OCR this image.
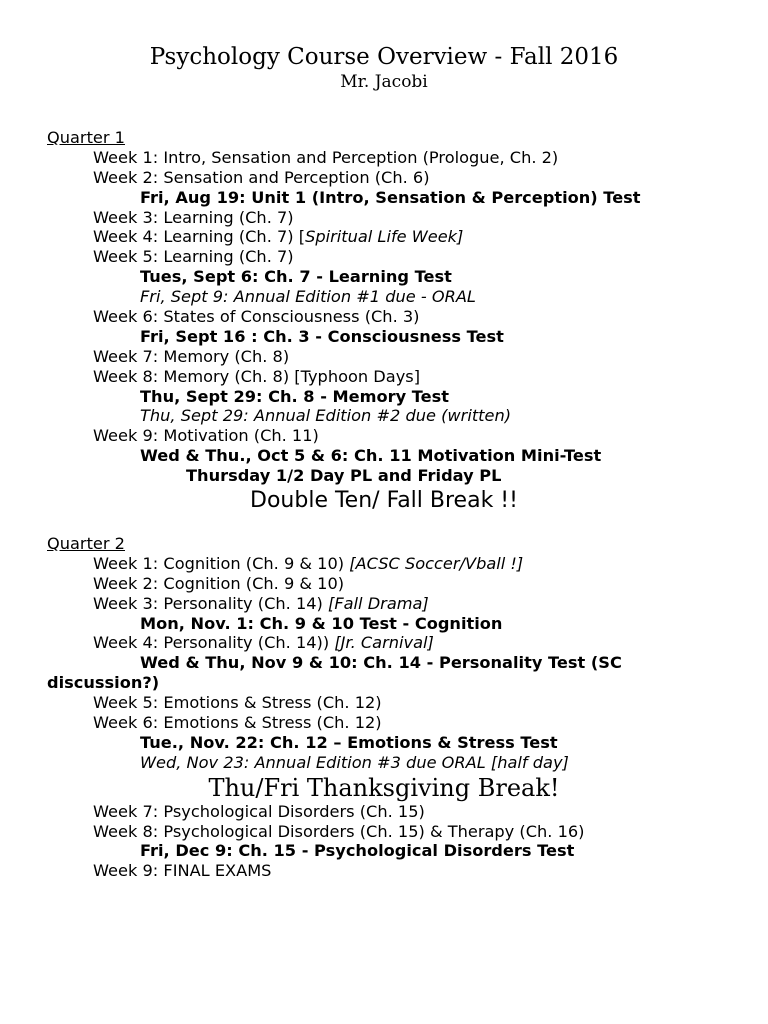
Psychology Course Overview - Fall 2016
Mr. Jacobi
Quarter 1
Week 1: Intro, Sensation and Perception (Prologue, Ch. 2)
Week 2: Sensation and Perception (Ch. 6)
Fri, Aug 19: Unit 1 (Intro, Sensation & Perception) Test
Week 3: Learning (Ch. 7)
Week 4: Learning (Ch. 7) [Spiritual Life Week]
Week 5: Learning (Ch. 7)
Tues, Sept 6: Ch. 7 - Learning Test
Fri, Sept 9: Annual Edition #1 due - ORAL
Week 6: States of Consciousness (Ch. 3)
Fri, Sept 16 : Ch. 3 - Consciousness Test
Week 7: Memory (Ch. 8)
Week 8: Memory (Ch. 8) [Typhoon Days]
Thu, Sept 29: Ch. 8 - Memory Test
Thu, Sept 29: Annual Edition #2 due (written)
Week 9: Motivation (Ch. 11)
Wed & Thu., Oct 5 & 6: Ch. 11 Motivation Mini-Test
Thursday 1/2 Day PL and Friday PL
Double Ten/ Fall Break !!
Quarter 2
Week 1: Cognition (Ch. 9 & 10) [ACSC Soccer/Vball !]
Week 2: Cognition (Ch. 9 & 10)
Week 3: Personality (Ch. 14) [Fall Drama]
Mon, Nov. 1: Ch. 9 & 10 Test - Cognition
Week 4: Personality (Ch. 14)) [Jr. Carnival]
Wed & Thu, Nov 9 & 10: Ch. 14 - Personality Test (SC
discussion?)
Week 5: Emotions & Stress (Ch. 12)
Week 6: Emotions & Stress (Ch. 12)
Tue., Nov. 22: Ch. 12 – Emotions & Stress Test
Wed, Nov 23: Annual Edition #3 due ORAL [half day]
Thu/Fri Thanksgiving Break!
Week 7: Psychological Disorders (Ch. 15)
Week 8: Psychological Disorders (Ch. 15) & Therapy (Ch. 16)
Fri, Dec 9: Ch. 15 - Psychological Disorders Test
Week 9: FINAL EXAMS
